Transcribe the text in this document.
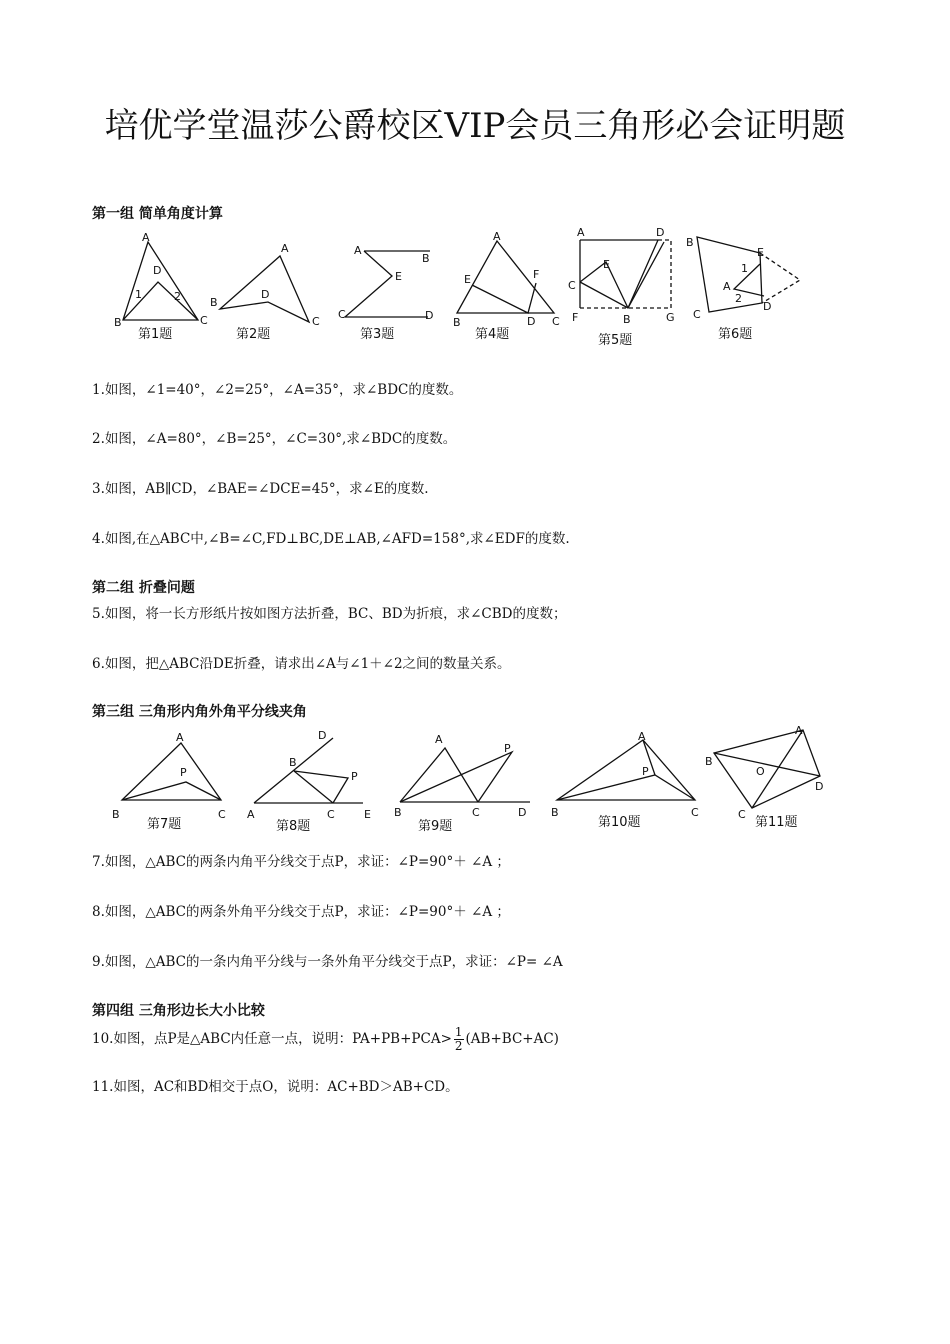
培优学堂温莎公爵校区VIP会员三角形必会证明题
第一组 简单角度计算
A
D
1	2
B	C
第1题
A
D
B
C
第2题
A
B
E
C	D
第3题
A
E	F
B	D C
第4题
A	D
E
C
F	B	G
第5题
B
E
1
A
2
D
C
第6题
1.如图，∠1=40°，∠2=25°，∠A=35°，求∠BDC的度数。
2.如图，∠A=80°，∠B=25°，∠C=30°,求∠BDC的度数。
3.如图，AB∥CD，∠BAE=∠DCE=45°，求∠E的度数.
4.如图,在△ABC中,∠B=∠C,FD⊥BC,DE⊥AB,∠AFD=158°,求∠EDF的度数.
第二组 折叠问题
5.如图，将一长方形纸片按如图方法折叠，BC、BD为折痕，求∠CBD的度数；
6.如图，把△ABC沿DE折叠，请求出∠A与∠1＋∠2之间的数量关系。
第三组 三角形内角外角平分线夹角
A
P
B	C
第7题
D
B
P
A	C	E
第8题
A
P
B	C	D
第9题
A
P
B	C
第10题
A
B
O
D
C
第11题
7.如图，△ABC的两条内角平分线交于点P，求证：∠P=90°＋ ∠A ；
8.如图，△ABC的两条外角平分线交于点P，求证：∠P=90°＋ ∠A ；
9.如图，△ABC的一条内角平分线与一条外角平分线交于点P，求证：∠P= ∠A
第四组 三角形边长大小比较
10.如图，点P是△ABC内任意一点，说明：$PA+PB+PCA> \frac{1}{2} (AB+BC+AC)$
11.如图，AC和BD相交于点O，说明：AC+BD＞AB+CD。
